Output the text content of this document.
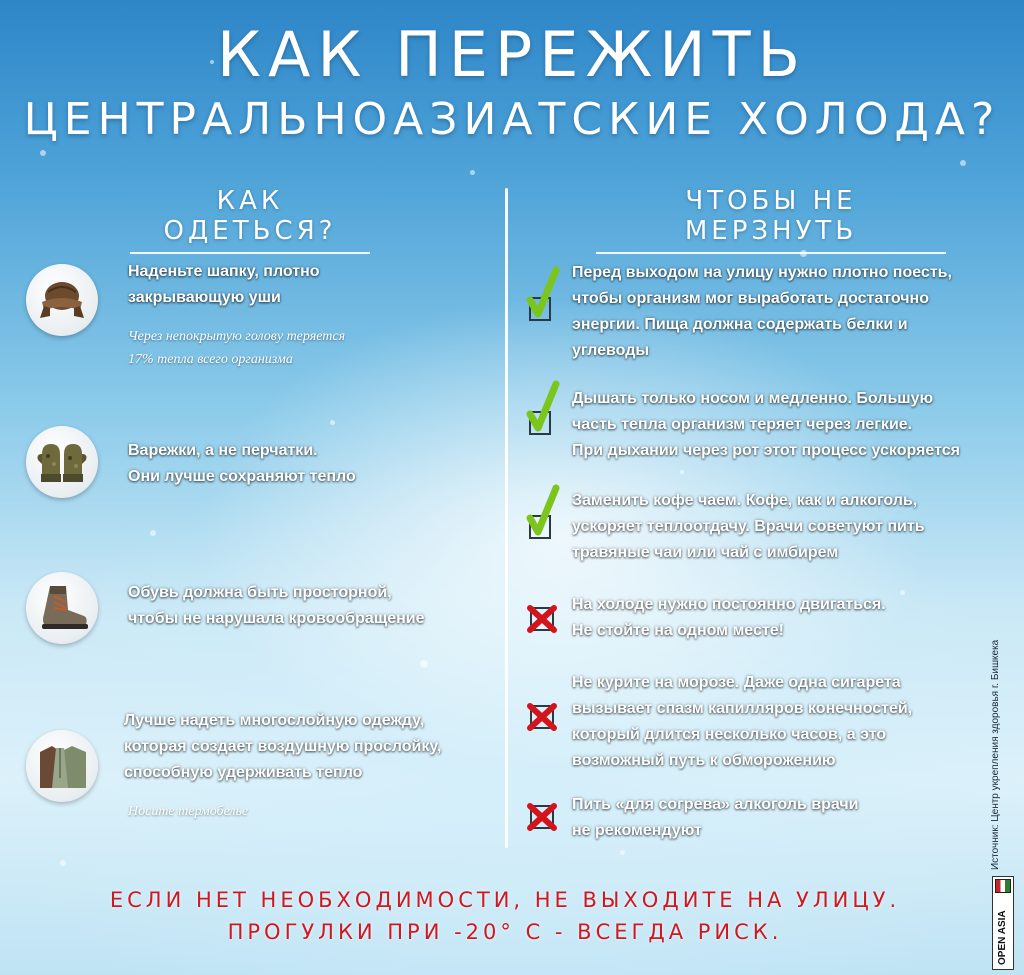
КАК ПЕРЕЖИТЬ
ЦЕНТРАЛЬНОАЗИАТСКИЕ ХОЛОДА?
КАК ОДЕТЬСЯ?
ЧТОБЫ НЕ МЕРЗНУТЬ

Наденьте шапку, плотно

закрывающую уши

Через непокрытую голову теряется

17% тепла всего организма

Варежки, а не перчатки.

Они лучше сохраняют тепло

Обувь должна быть просторной,

чтобы не нарушала кровообращение

Лучше надеть многослойную одежду,

которая создает воздушную прослойку,

способную удерживать тепло

Носите термобелье

Перед выходом на улицу нужно плотно поесть,

чтобы организм мог выработать достаточно

энергии. Пища должна содержать белки и

углеводы

Дышать только носом и медленно. Большую

часть тепла организм теряет через легкие.

При дыхании через рот этот процесс ускоряется

Заменить кофе чаем. Кофе, как и алкоголь,

ускоряет теплоотдачу. Врачи советуют пить

травяные чаи или чай с имбирем

На холоде нужно постоянно двигаться.

Не стойте на одном месте!

Не курите на морозе. Даже одна сигарета

вызывает спазм капилляров конечностей,

который длится несколько часов, а это

возможный путь к обморожению

Пить «для согрева» алкоголь врачи

не рекомендуют

ЕСЛИ НЕТ НЕОБХОДИМОСТИ, НЕ ВЫХОДИТЕ НА УЛИЦУ.

ПРОГУЛКИ ПРИ -20° С - ВСЕГДА РИСК.

Источник: Центр укрепления здоровья г. Бишкека
OPEN ASIA
